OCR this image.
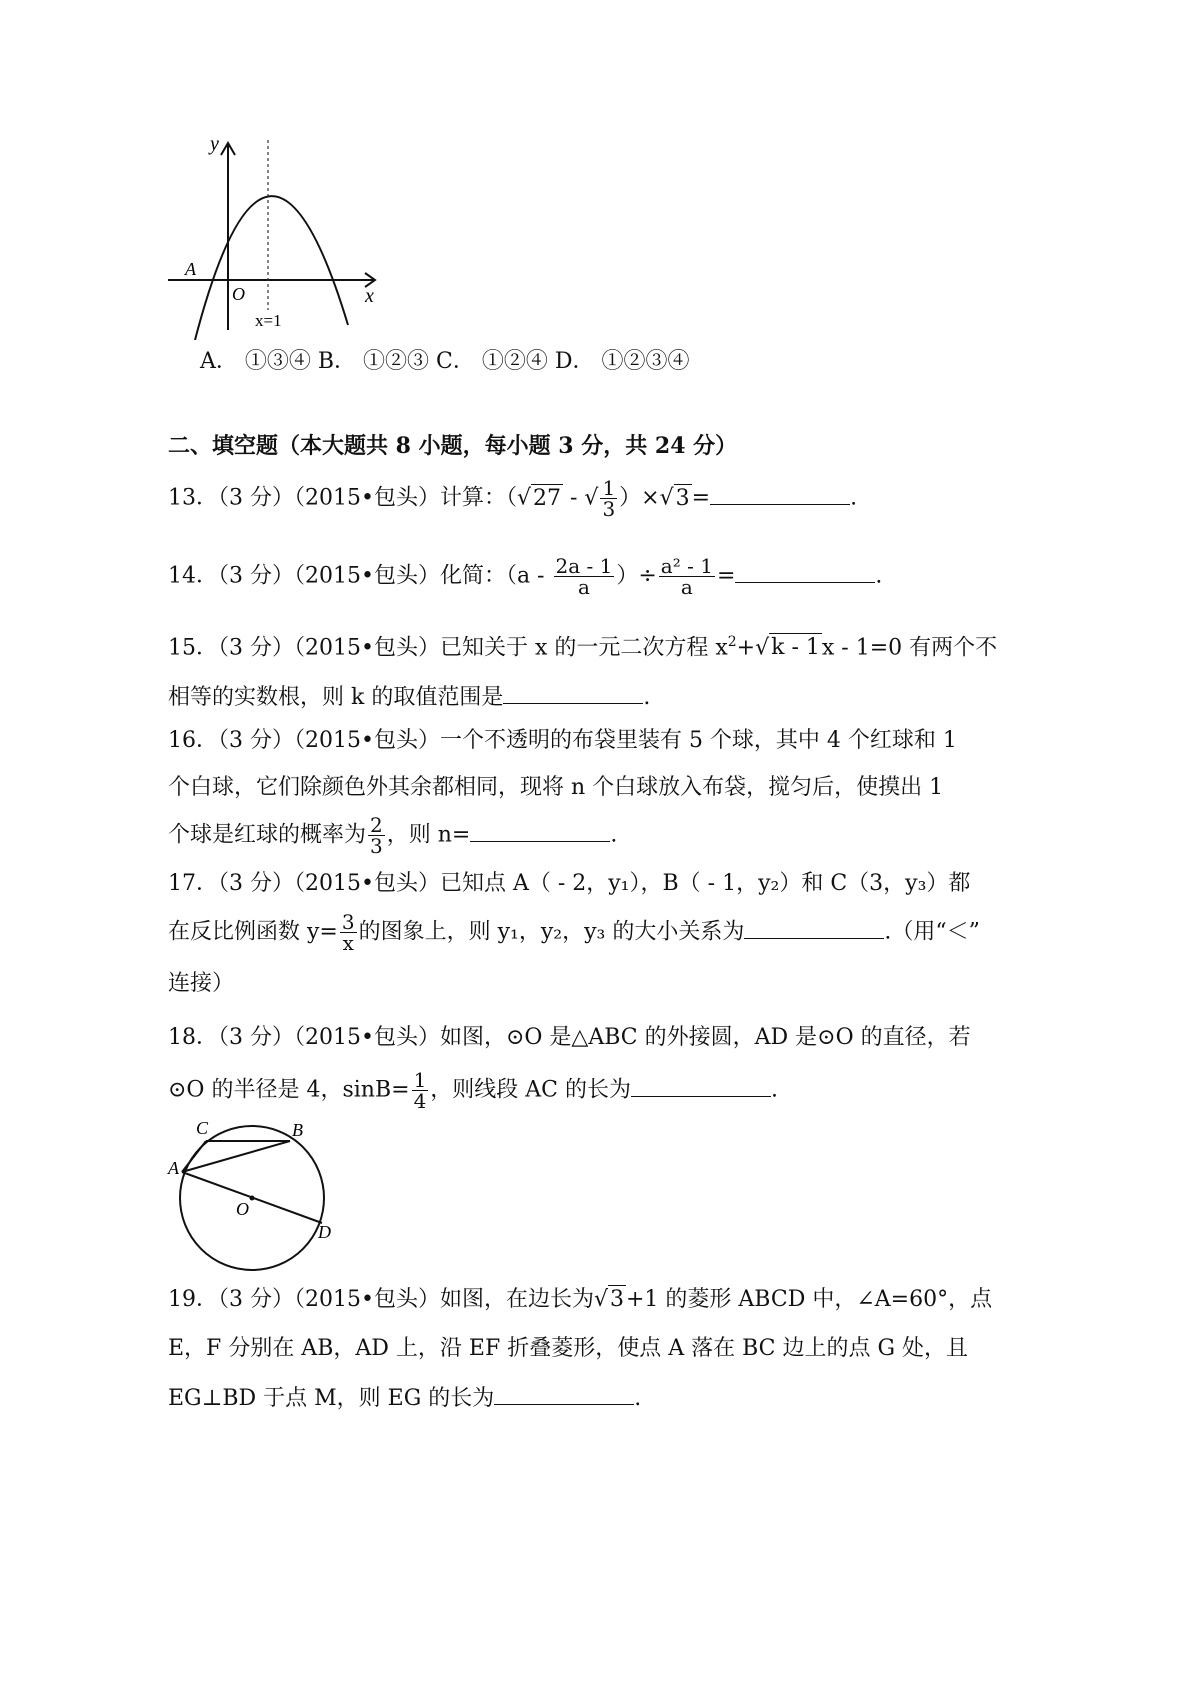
y
x
A
O
x=1
A． ①③④ B． ①②③ C． ①②④ D． ①②③④
二、填空题（本大题共 8 小题，每小题 3 分，共 24 分）
13．（3 分）（2015•包头）计算：（√27 - √ $\frac{1}{3} )\times√3=$	.
14．（3 分）（2015•包头）化简：（$a - \frac{2a - 1}{a}$ ）÷ $\frac{\text{a² - 1}}{a}$ =	.
15．（3 分）（2015•包头）已知关于 x 的一元二次方程 $x^2+√k - 1x - 1=0$ 有两个不
相等的实数根，则 k 的取值范围是	.
16．（3 分）（2015•包头）一个不透明的布袋里装有 5 个球，其中 4 个红球和 1
个白球，它们除颜色外其余都相同，现将 n 个白球放入布袋，搅匀后，使摸出 1
个球是红球的概率为 $\frac{2}{3}$ ，则 n=	.
17．（3 分）（2015•包头）已知点 A（ - 2，y₁），B（ - 1，y₂）和 C（3，y₃）都
在反比例函数 $y= \frac{3}{x}$ 的图象上，则 y₁，y₂，y₃ 的大小关系为	.（用“＜”
连接）
18．（3 分）（2015•包头）如图，⊙O 是△ABC 的外接圆，AD 是⊙O 的直径，若
⊙O 的半径是 4，$\sin B= \frac{1}{4}$ ，则线段 AC 的长为	.
C	B
A
O
D
19．（3 分）（2015•包头）如图，在边长为√3+1 的菱形 ABCD 中，∠A=60°，点
E，F 分别在 AB，AD 上，沿 EF 折叠菱形，使点 A 落在 BC 边上的点 G 处，且
EG⊥BD 于点 M，则 EG 的长为	.
